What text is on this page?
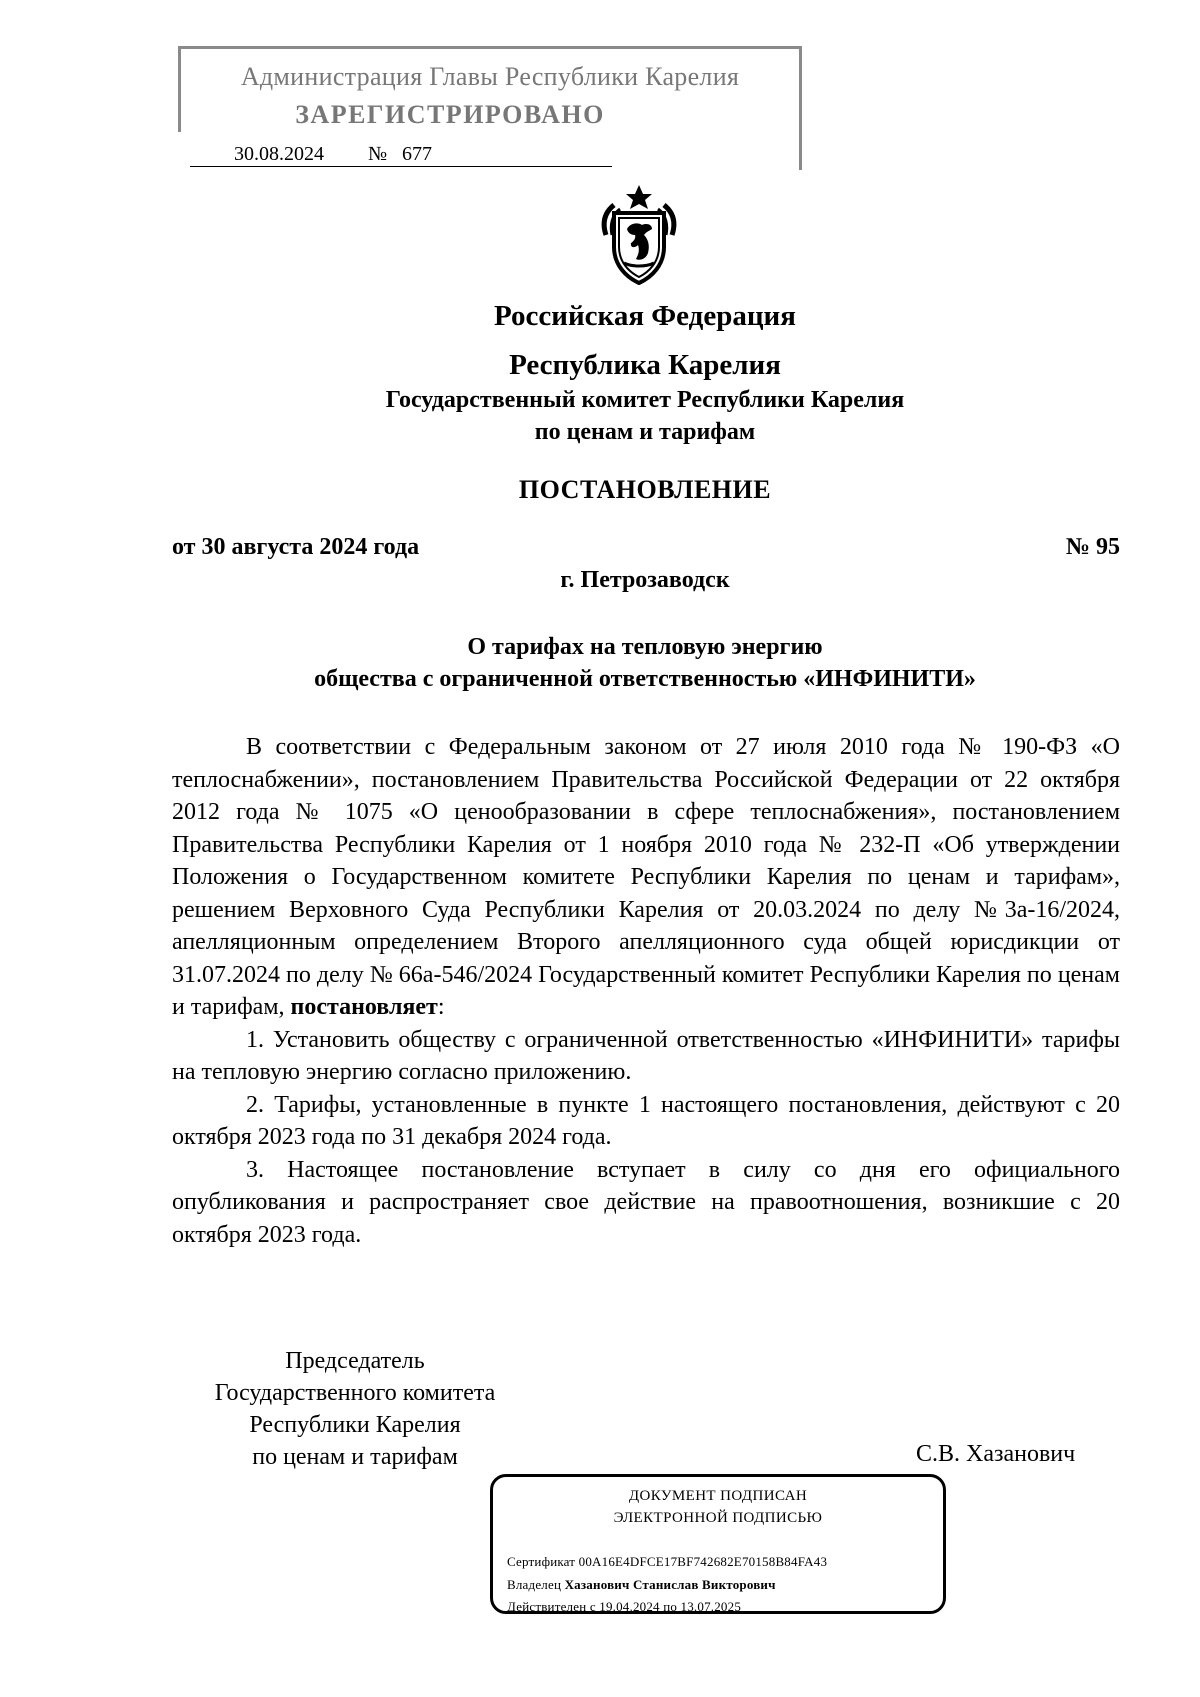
Администрация Главы Республики Карелия
ЗАРЕГИСТРИРОВАНО
30.08.2024 № 677
Российская Федерация
Республика Карелия
Государственный комитет Республики Карелия
по ценам и тарифам
ПОСТАНОВЛЕНИЕ
от 30 августа 2024 года	№ 95
г. Петрозаводск
О тарифах на тепловую энергию
общества с ограниченной ответственностью «ИНФИНИТИ»

В соответствии с Федеральным законом от 27 июля 2010 года № 190-ФЗ «О теплоснабжении», постановлением Правительства Российской Федерации от 22 октября 2012 года № 1075 «О ценообразовании в сфере теплоснабжения», постановлением Правительства Республики Карелия от 1 ноября 2010 года № 232-П «Об утверждении Положения о Государственном комитете Республики Карелия по ценам и тарифам», решением Верховного Суда Республики Карелия от 20.03.2024 по делу №3а-16/2024, апелляционным определением Второго апелляционного суда общей юрисдикции от 31.07.2024 по делу № 66а-546/2024 Государственный комитет Республики Карелия по ценам и тарифам, постановляет:

1. Установить обществу с ограниченной ответственностью «ИНФИНИТИ» тарифы на тепловую энергию согласно приложению.

2. Тарифы, установленные в пункте 1 настоящего постановления, действуют с 20 октября 2023 года по 31 декабря 2024 года.

3. Настоящее постановление вступает в силу со дня его официального опубликования и распространяет свое действие на правоотношения, возникшие с 20 октября 2023 года.

Председатель
Государственного комитета
Республики Карелия
по ценам и тарифам	С.В. Хазанович
ДОКУМЕНТ ПОДПИСАН
ЭЛЕКТРОННОЙ ПОДПИСЬЮ
Сертификат 00A16E4DFCE17BF742682E70158B84FA43
Владелец Хазанович Станислав Викторович
Действителен с 19.04.2024 по 13.07.2025
